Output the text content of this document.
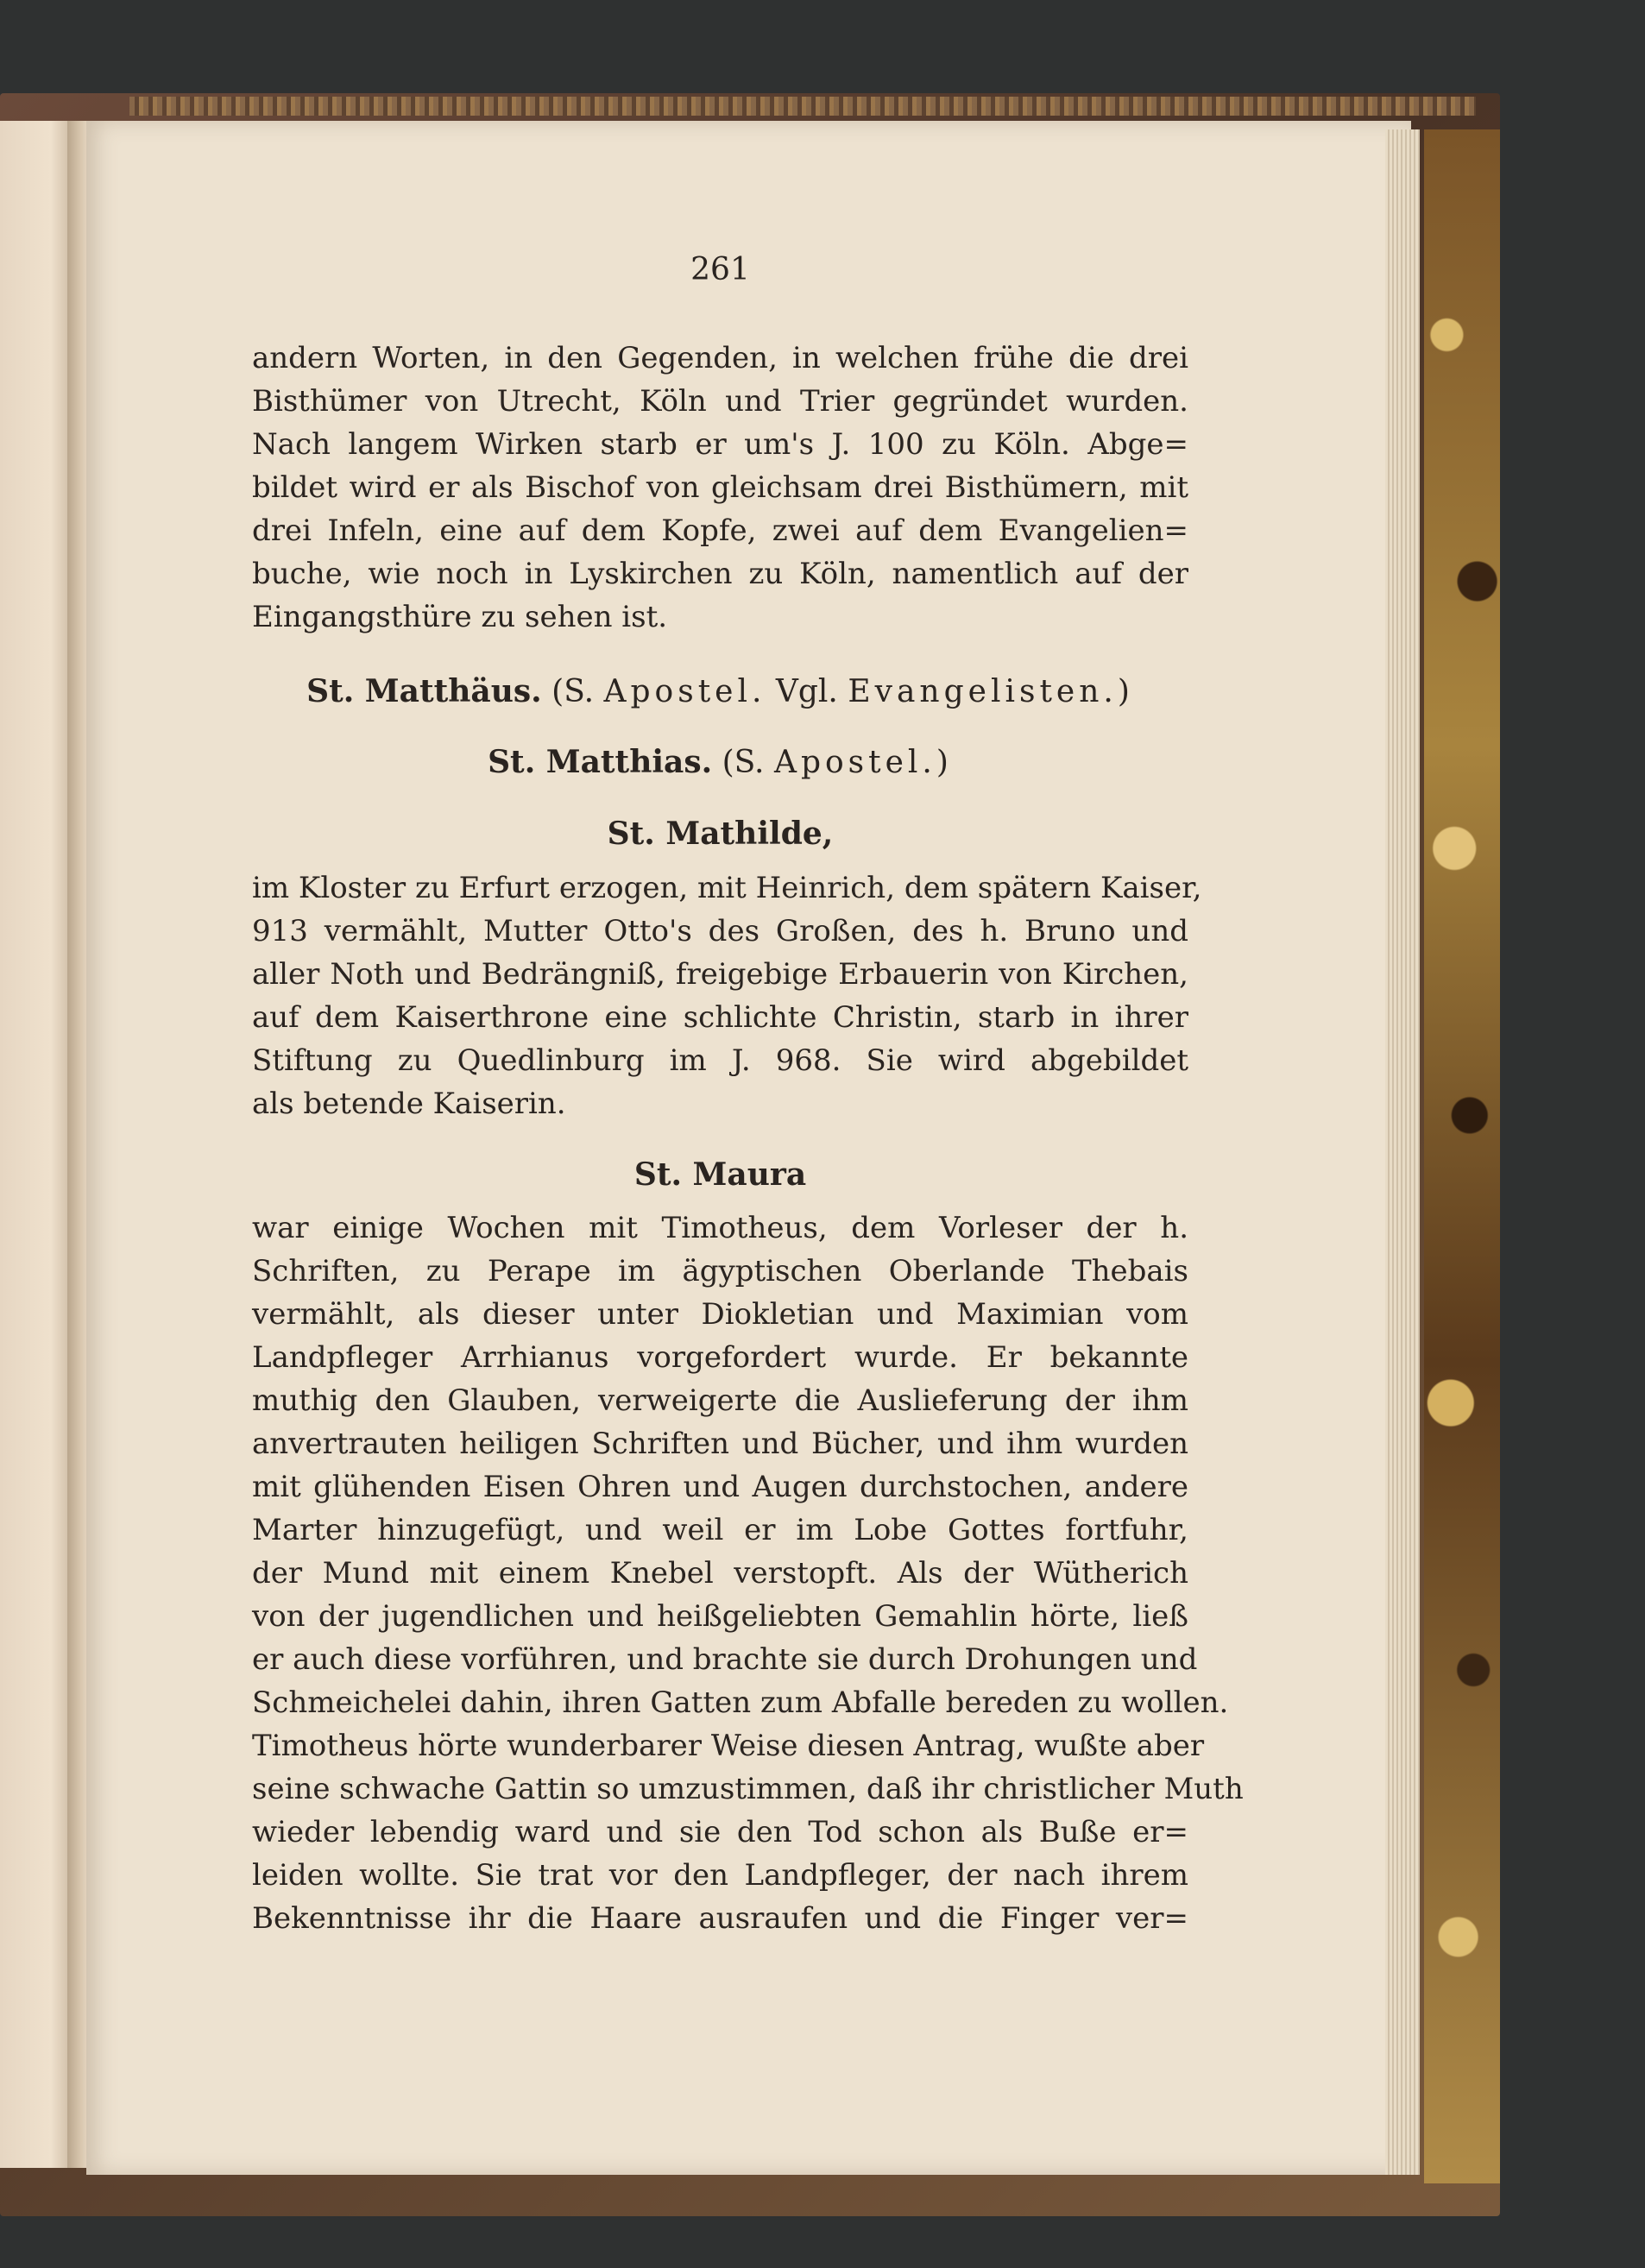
261
andern Worten, in den Gegenden, in welchen frühe die drei
Bisthümer von Utrecht, Köln und Trier gegründet wurden.
Nach langem Wirken starb er um's J. 100 zu Köln. Abge=
bildet wird er als Bischof von gleichsam drei Bisthümern, mit
drei Infeln, eine auf dem Kopfe, zwei auf dem Evangelien=
buche, wie noch in Lyskirchen zu Köln, namentlich auf der
Eingangsthüre zu sehen ist.
St. Matthäus. (S. Apostel. Vgl. Evangelisten.)
St. Matthias. (S. Apostel.)
St. Mathilde,
im Kloster zu Erfurt erzogen, mit Heinrich, dem spätern Kaiser,
913 vermählt, Mutter Otto's des Großen, des h. Bruno und
aller Noth und Bedrängniß, freigebige Erbauerin von Kirchen,
auf dem Kaiserthrone eine schlichte Christin, starb in ihrer
Stiftung zu Quedlinburg im J. 968. Sie wird abgebildet
als betende Kaiserin.
St. Maura
war einige Wochen mit Timotheus, dem Vorleser der h.
Schriften, zu Perape im ägyptischen Oberlande Thebais
vermählt, als dieser unter Diokletian und Maximian vom
Landpfleger Arrhianus vorgefordert wurde. Er bekannte
muthig den Glauben, verweigerte die Auslieferung der ihm
anvertrauten heiligen Schriften und Bücher, und ihm wurden
mit glühenden Eisen Ohren und Augen durchstochen, andere
Marter hinzugefügt, und weil er im Lobe Gottes fortfuhr,
der Mund mit einem Knebel verstopft. Als der Wütherich
von der jugendlichen und heißgeliebten Gemahlin hörte, ließ
er auch diese vorführen, und brachte sie durch Drohungen und
Schmeichelei dahin, ihren Gatten zum Abfalle bereden zu wollen.
Timotheus hörte wunderbarer Weise diesen Antrag, wußte aber
seine schwache Gattin so umzustimmen, daß ihr christlicher Muth
wieder lebendig ward und sie den Tod schon als Buße er=
leiden wollte. Sie trat vor den Landpfleger, der nach ihrem
Bekenntnisse ihr die Haare ausraufen und die Finger ver=
